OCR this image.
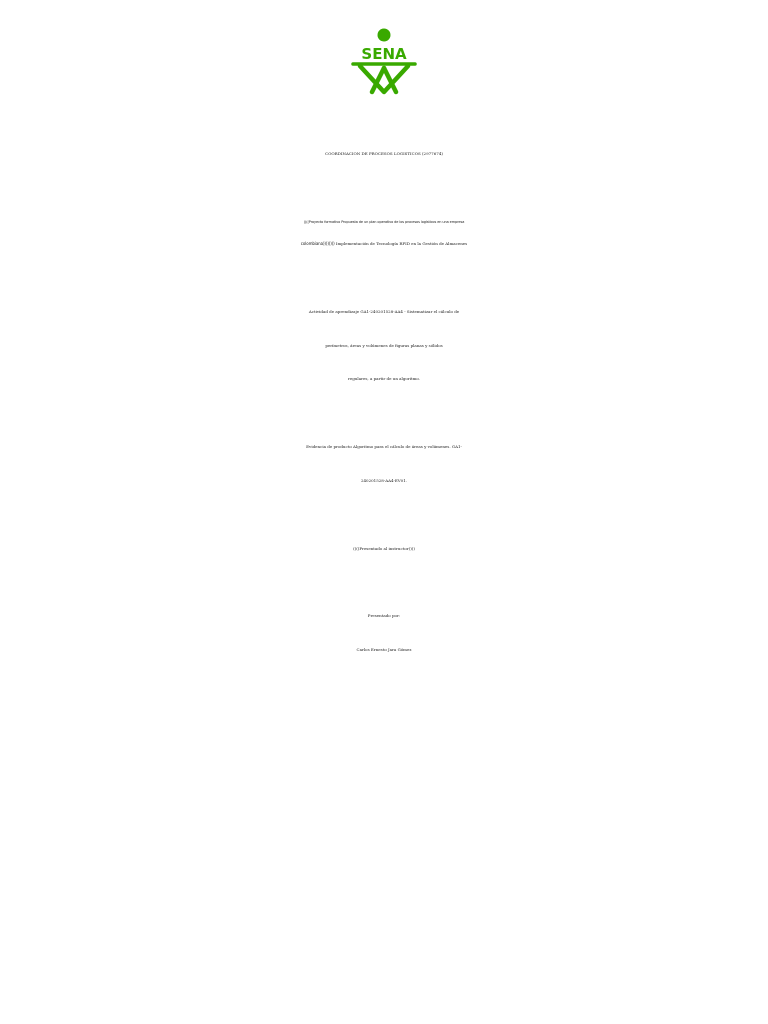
SENA
COORDINACION DE PROCESOS LOGISTICOS (2977674)
((((Proyecto formativo Propuesta de un plan operativo de los procesos logísticos en una empresa
colombiana)))))))) Implementación de Tecnología RFID en la Gestión de Almacenes
Actividad de aprendizaje GA1-240201528-AA4 - Sistematizar el cálculo de
perímetros, áreas y volúmenes de figuras planas y sólidos
regulares, a partir de un algoritmo.
Evidencia de producto Algoritmo para el cálculo de áreas y volúmenes. GA1-
240201528-AA4-EV01.
((((Presentado al instructor))))
Presentado por:
Carlos Ernesto Jara Gómez
